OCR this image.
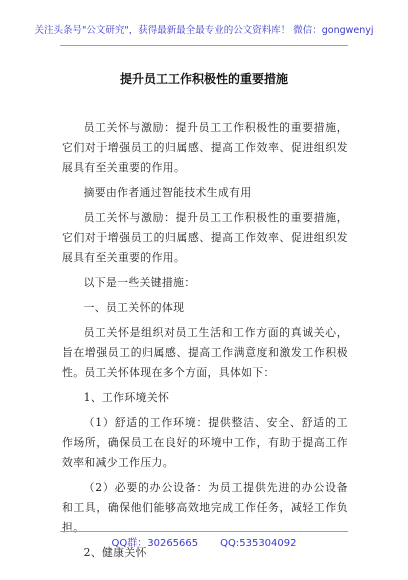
关注头条号"公文研究"，获得最新最全最专业的公文资料库！ 微信：gongwenyj
提升员工工作积极性的重要措施

员工关怀与激励：提升员工工作积极性的重要措施，它们对于增强员工的归属感、提高工作效率、促进组织发展具有至关重要的作用。

摘要由作者通过智能技术生成有用

员工关怀与激励：提升员工工作积极性的重要措施，它们对于增强员工的归属感、提高工作效率、促进组织发展具有至关重要的作用。

以下是一些关键措施：

一、员工关怀的体现

员工关怀是组织对员工生活和工作方面的真诚关心，旨在增强员工的归属感、提高工作满意度和激发工作积极性。员工关怀体现在多个方面，具体如下：

1、工作环境关怀

（1）舒适的工作环境：提供整洁、安全、舒适的工作场所，确保员工在良好的环境中工作，有助于提高工作效率和减少工作压力。

（2）必要的办公设备：为员工提供先进的办公设备和工具，确保他们能够高效地完成工作任务，减轻工作负担。

2、健康关怀

QQ群：30265665 QQ:535304092
